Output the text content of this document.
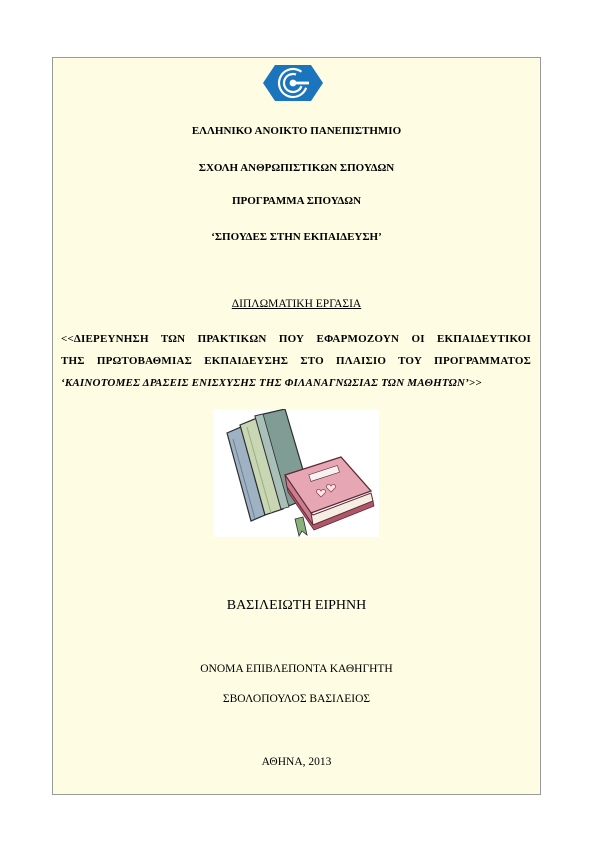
ΕΛΛΗΝΙΚΟ ΑΝΟΙΚΤΟ ΠΑΝΕΠΙΣΤΗΜΙΟ
ΣΧΟΛΗ ΑΝΘΡΩΠΙΣΤΙΚΩΝ ΣΠΟΥΔΩΝ
ΠΡΟΓΡΑΜΜΑ ΣΠΟΥΔΩΝ
‘ΣΠΟΥΔΕΣ ΣΤΗΝ ΕΚΠΑΙΔΕΥΣΗ’
ΔΙΠΛΩΜΑΤΙΚΗ ΕΡΓΑΣΙΑ
<<ΔΙΕΡΕΥΝΗΣΗ ΤΩΝ ΠΡΑΚΤΙΚΩΝ ΠΟΥ ΕΦΑΡΜΟΖΟΥΝ ΟΙ ΕΚΠΑΙΔΕΥΤΙΚΟΙ
ΤΗΣ ΠΡΩΤΟΒΑΘΜΙΑΣ ΕΚΠΑΙΔΕΥΣΗΣ ΣΤΟ ΠΛΑΙΣΙΟ ΤΟΥ ΠΡΟΓΡΑΜΜΑΤΟΣ
‘ΚΑΙΝΟΤΟΜΕΣ ΔΡΑΣΕΙΣ ΕΝΙΣΧΥΣΗΣ ΤΗΣ ΦΙΛΑΝΑΓΝΩΣΙΑΣ ΤΩΝ ΜΑΘΗΤΩΝ’>>
ΒΑΣΙΛΕΙΩΤΗ ΕΙΡΗΝΗ
ΟΝΟΜΑ ΕΠΙΒΛΕΠΟΝΤΑ ΚΑΘΗΓΗΤΗ
ΣΒΟΛΟΠΟΥΛΟΣ ΒΑΣΙΛΕΙΟΣ
ΑΘΗΝΑ, 2013
